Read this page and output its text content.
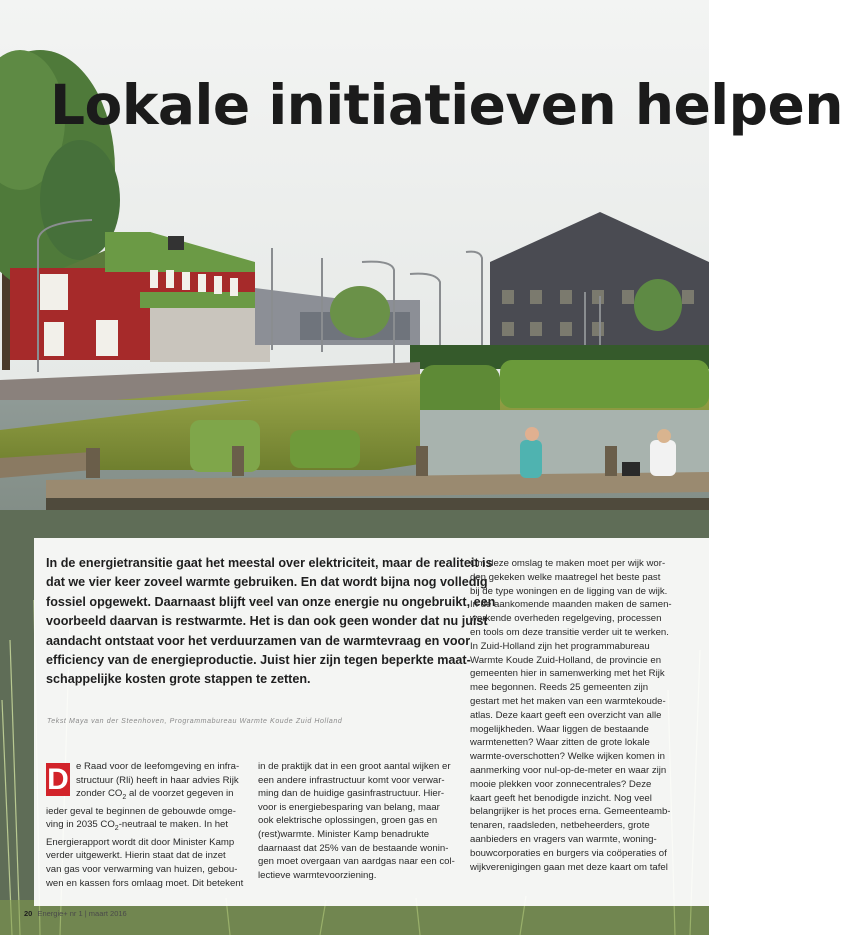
Lokale initiatieven helpen
In de energietransitie gaat het meestal over elektriciteit, maar de realiteit is
dat we vier keer zoveel warmte gebruiken. En dat wordt bijna nog volledig
fossiel opgewekt. Daarnaast blijft veel van onze energie nu ongebruikt, een
voorbeeld daarvan is restwarmte. Het is dan ook geen wonder dat nu juist
aandacht ontstaat voor het verduurzamen van de warmtevraag en voor
efficiency van de energieproductie. Juist hier zijn tegen beperkte maat-
schappelijke kosten grote stappen te zetten.
Tekst Maya van der Steenhoven, Programmabureau Warmte Koude Zuid Holland
D e Raad voor de leefomgeving en infra-
structuur (Rli) heeft in haar advies Rijk
zonder $CO_2$ al de voorzet gegeven in
ieder geval te beginnen de gebouwde omge-
ving in 2035 $CO_2$-neutraal te maken. In het
Energierapport wordt dit door Minister Kamp
verder uitgewerkt. Hierin staat dat de inzet
van gas voor verwarming van huizen, gebou-
wen en kassen fors omlaag moet. Dit betekent
in de praktijk dat in een groot aantal wijken er
een andere infrastructuur komt voor verwar-
ming dan de huidige gasinfrastructuur. Hier-
voor is energiebesparing van belang, maar
ook elektrische oplossingen, groen gas en
(rest)warmte. Minister Kamp benadrukte
daarnaast dat 25% van de bestaande wonin-
gen moet overgaan van aardgas naar een col-
lectieve warmtevoorziening.
Om deze omslag te maken moet per wijk wor-
den gekeken welke maatregel het beste past
bij de type woningen en de ligging van de wijk.
In de aankomende maanden maken de samen-
werkende overheden regelgeving, processen
en tools om deze transitie verder uit te werken.
In Zuid-Holland zijn het programmabureau
Warmte Koude Zuid-Holland, de provincie en
gemeenten hier in samenwerking met het Rijk
mee begonnen. Reeds 25 gemeenten zijn
gestart met het maken van een warmtekoude-
atlas. Deze kaart geeft een overzicht van alle
mogelijkheden. Waar liggen de bestaande
warmtenetten? Waar zitten de grote lokale
warmte-overschotten? Welke wijken komen in
aanmerking voor nul-op-de-meter en waar zijn
mooie plekken voor zonnecentrales? Deze
kaart geeft het benodigde inzicht. Nog veel
belangrijker is het proces erna. Gemeenteamb-
tenaren, raadsleden, netbeheerders, grote
aanbieders en vragers van warmte, woning-
bouwcorporaties en burgers via coöperaties of
wijkverenigingen gaan met deze kaart om tafel
20 Energie+ nr 1 | maart 2016
